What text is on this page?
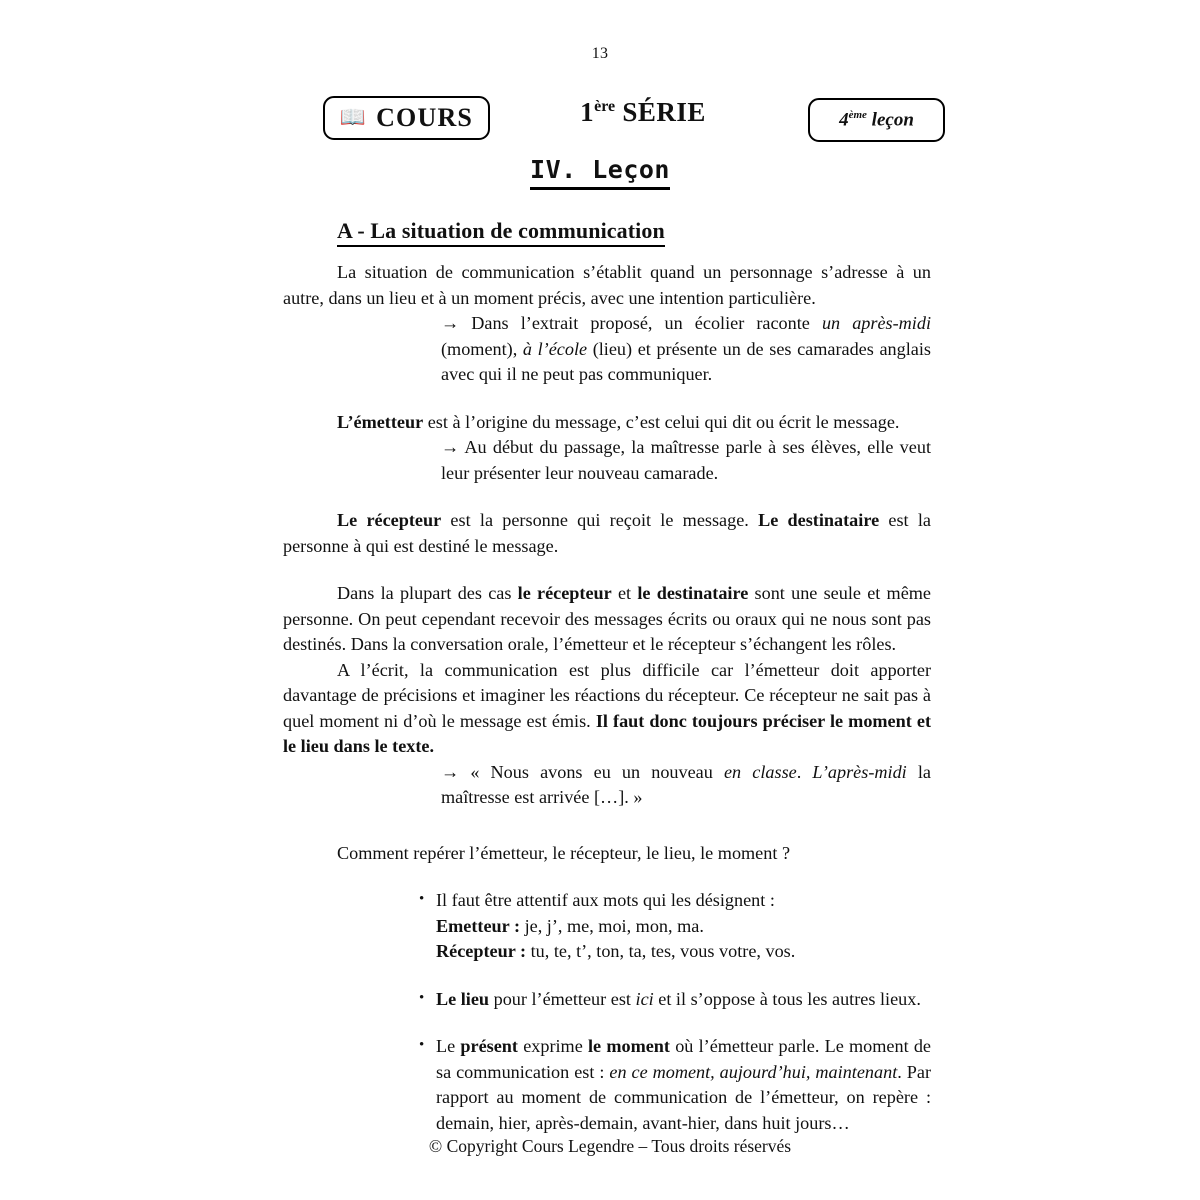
13
📖 COURS	1ère SÉRIE	4ème leçon
IV. Leçon
A - La situation de communication

La situation de communication s’établit quand un personnage s’adresse à un autre, dans un lieu et à un moment précis, avec une intention particulière.

→ Dans l’extrait proposé, un écolier raconte un après-midi (moment), à l’école (lieu) et présente un de ses camarades anglais avec qui il ne peut pas communiquer.

L’émetteur est à l’origine du message, c’est celui qui dit ou écrit le message.

→ Au début du passage, la maîtresse parle à ses élèves, elle veut leur présenter leur nouveau camarade.

Le récepteur est la personne qui reçoit le message. Le destinataire est la personne à qui est destiné le message.

Dans la plupart des cas le récepteur et le destinataire sont une seule et même personne. On peut cependant recevoir des messages écrits ou oraux qui ne nous sont pas destinés. Dans la conversation orale, l’émetteur et le récepteur s’échangent les rôles.

A l’écrit, la communication est plus difficile car l’émetteur doit apporter davantage de précisions et imaginer les réactions du récepteur. Ce récepteur ne sait pas à quel moment ni d’où le message est émis. Il faut donc toujours préciser le moment et le lieu dans le texte.

→ « Nous avons eu un nouveau en classe. L’après-midi la maîtresse est arrivée […]. »

Comment repérer l’émetteur, le récepteur, le lieu, le moment ?

• Il faut être attentif aux mots qui les désignent :
Emetteur : je, j’, me, moi, mon, ma.
Récepteur : tu, te, t’, ton, ta, tes, vous votre, vos.
• Le lieu pour l’émetteur est ici et il s’oppose à tous les autres lieux.
• Le présent exprime le moment où l’émetteur parle. Le moment de sa communication est : en ce moment, aujourd’hui, maintenant. Par rapport au moment de communication de l’émetteur, on repère : demain, hier, après-demain, avant-hier, dans huit jours…
© Copyright Cours Legendre – Tous droits réservés
